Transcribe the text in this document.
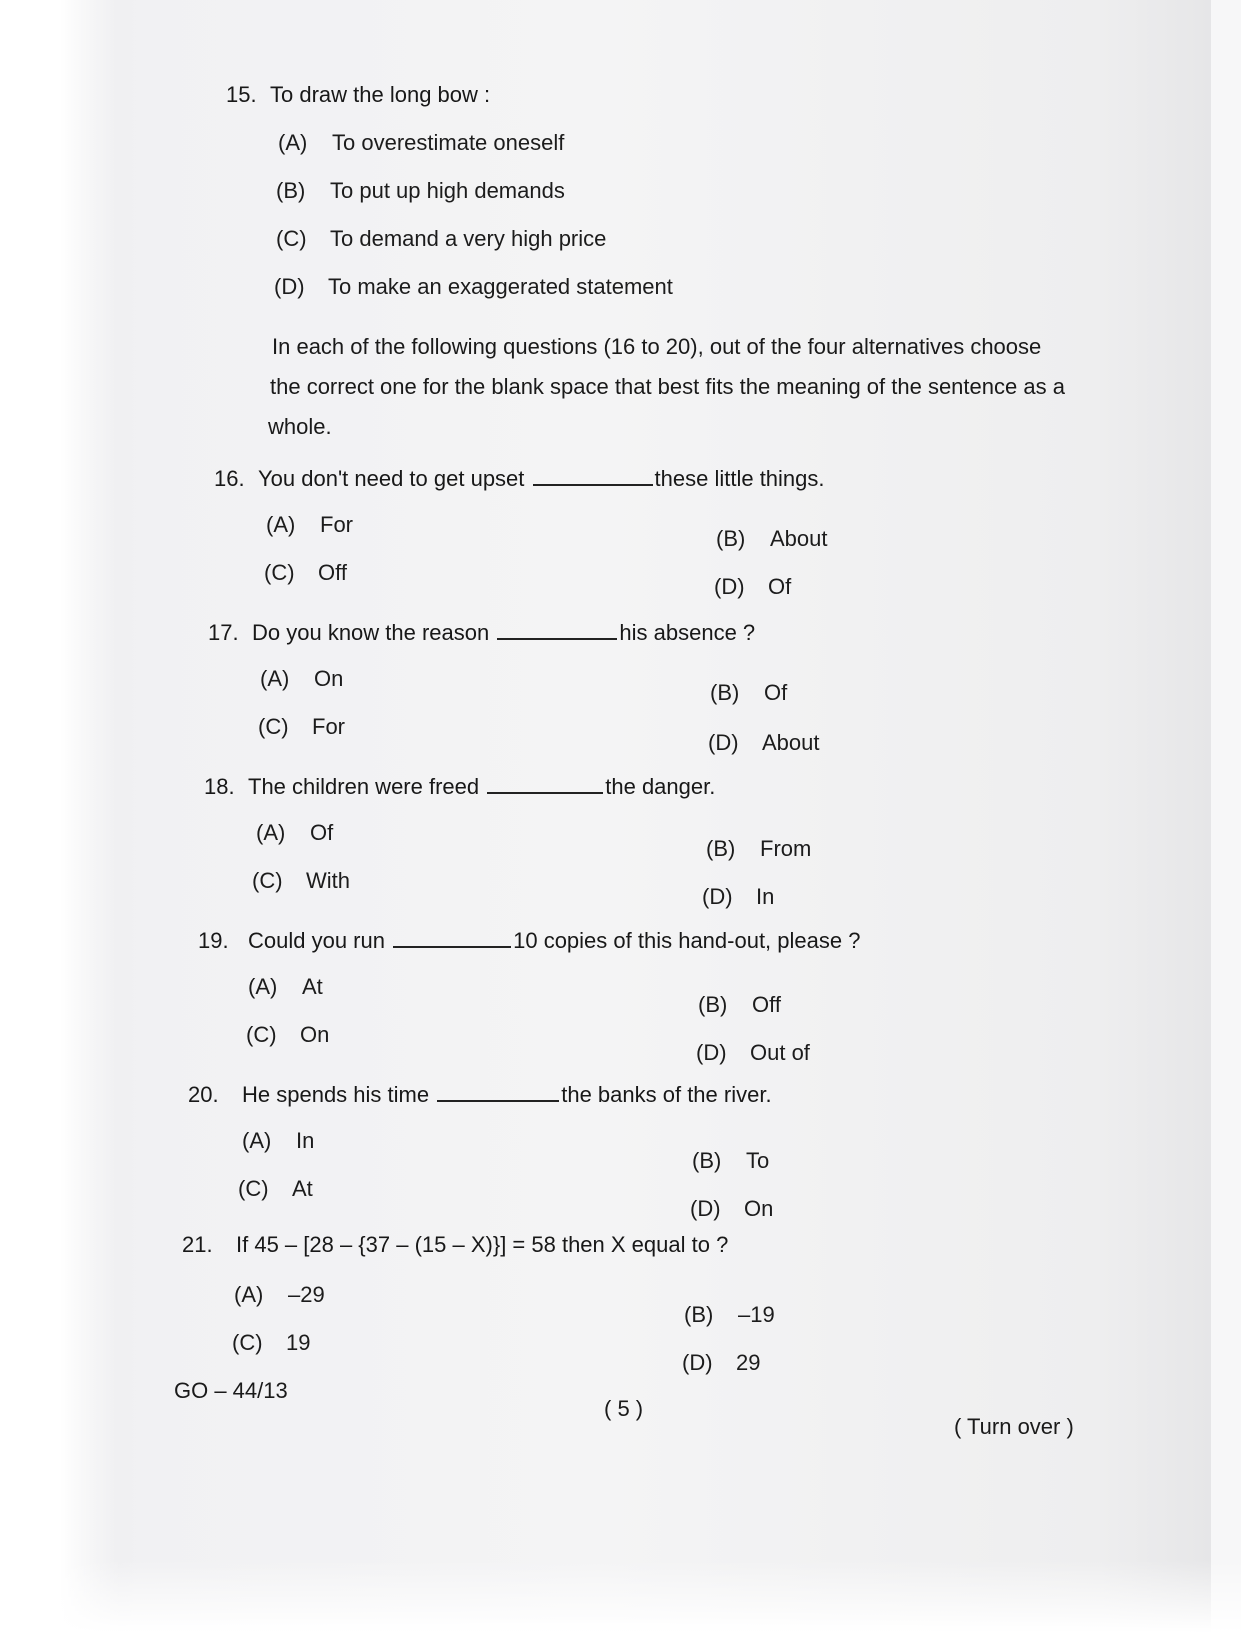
15. To draw the long bow :
(A) To overestimate oneself
(B) To put up high demands
(C) To demand a very high price
(D) To make an exaggerated statement
In each of the following questions (16 to 20), out of the four alternatives choose
the correct one for the blank space that best fits the meaning of the sentence as a
whole.
16. You don't need to get upset	these little things.
(A) For
(B) About
(C) Off
(D) Of
17. Do you know the reason	his absence ?
(A) On
(B) Of
(C) For
(D) About
18. The children were freed	the danger.
(A) Of
(B) From
(C) With
(D) In
19. Could you run	10 copies of this hand-out, please ?
(A) At
(B) Off
(C) On
(D) Out of
20. He spends his time	the banks of the river.
(A) In
(B) To
(C) At
(D) On
21. If 45 – [28 – {37 – (15 – X)}] = 58 then X equal to ?
(A) –29
(B) –19
(C) 19
(D) 29
GO – 44/13
( 5 )
( Turn over )
